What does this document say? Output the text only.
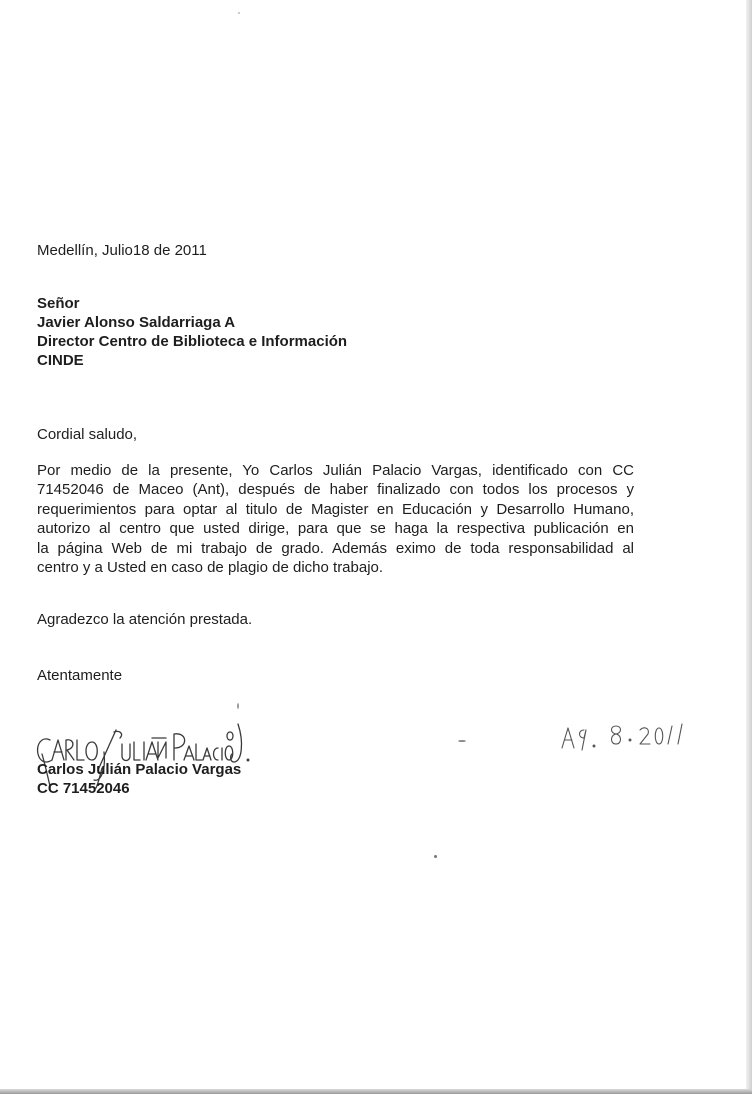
Medellín, Julio18 de 2011

Señor

Javier Alonso Saldarriaga A

Director Centro de Biblioteca e Información

CINDE

Cordial saludo,

Por medio de la presente, Yo Carlos Julián Palacio Vargas, identificado con CC
71452046 de Maceo (Ant), después de haber finalizado con todos los procesos y
requerimientos para optar al titulo de Magister en Educación y Desarrollo Humano,
autorizo al centro que usted dirige, para que se haga la respectiva publicación en
la página Web de mi trabajo de grado. Además eximo de toda responsabilidad al
centro y a Usted en caso de plagio de dicho trabajo.

Agradezco la atención prestada.

Atentamente

Carlos Julián Palacio Vargas

CC 71452046
